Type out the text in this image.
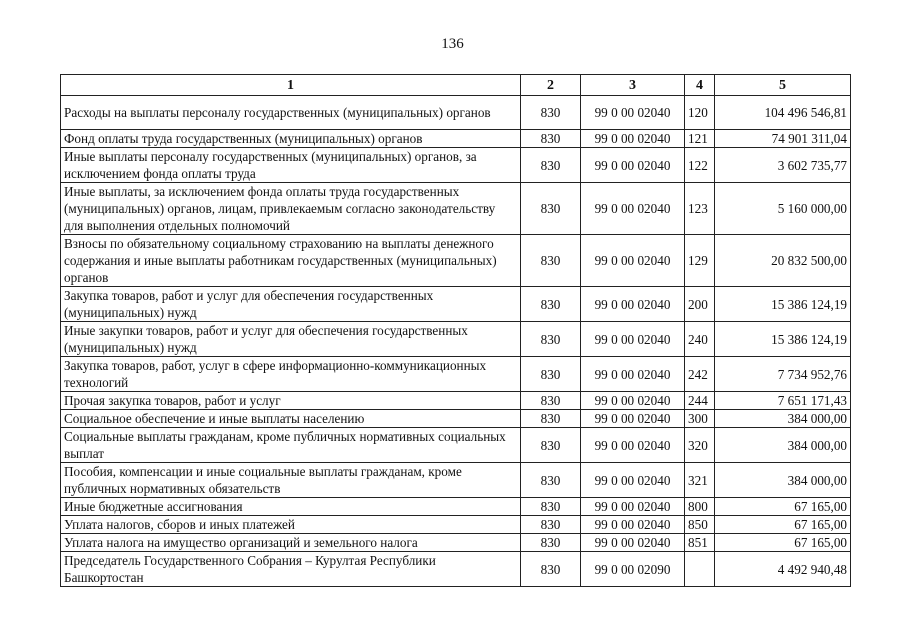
136
1	2	3	4	5
Расходы на выплаты персоналу государственных (муниципальных) органов	830	99 0 00 02040	120	104 496 546,81
Фонд оплаты труда государственных (муниципальных) органов	830	99 0 00 02040	121	74 901 311,04
Иные выплаты персоналу государственных (муниципальных) органов, за исключением фонда оплаты труда	830	99 0 00 02040	122	3 602 735,77
Иные выплаты, за исключением фонда оплаты труда государственных (муниципальных) органов, лицам, привлекаемым согласно законодательству для выполнения отдельных полномочий	830	99 0 00 02040	123	5 160 000,00
Взносы по обязательному социальному страхованию на выплаты денежного содержания и иные выплаты работникам государственных (муниципальных) органов	830	99 0 00 02040	129	20 832 500,00
Закупка товаров, работ и услуг для обеспечения государственных (муниципальных) нужд	830	99 0 00 02040	200	15 386 124,19
Иные закупки товаров, работ и услуг для обеспечения государственных (муниципальных) нужд	830	99 0 00 02040	240	15 386 124,19
Закупка товаров, работ, услуг в сфере информационно-коммуникационных технологий	830	99 0 00 02040	242	7 734 952,76
Прочая закупка товаров, работ и услуг	830	99 0 00 02040	244	7 651 171,43
Социальное обеспечение и иные выплаты населению	830	99 0 00 02040	300	384 000,00
Социальные выплаты гражданам, кроме публичных нормативных социальных выплат	830	99 0 00 02040	320	384 000,00
Пособия, компенсации и иные социальные выплаты гражданам, кроме публичных нормативных обязательств	830	99 0 00 02040	321	384 000,00
Иные бюджетные ассигнования	830	99 0 00 02040	800	67 165,00
Уплата налогов, сборов и иных платежей	830	99 0 00 02040	850	67 165,00
Уплата налога на имущество организаций и земельного налога	830	99 0 00 02040	851	67 165,00
Председатель Государственного Собрания – Курултая Республики Башкортостан	830	99 0 00 02090		4 492 940,48
